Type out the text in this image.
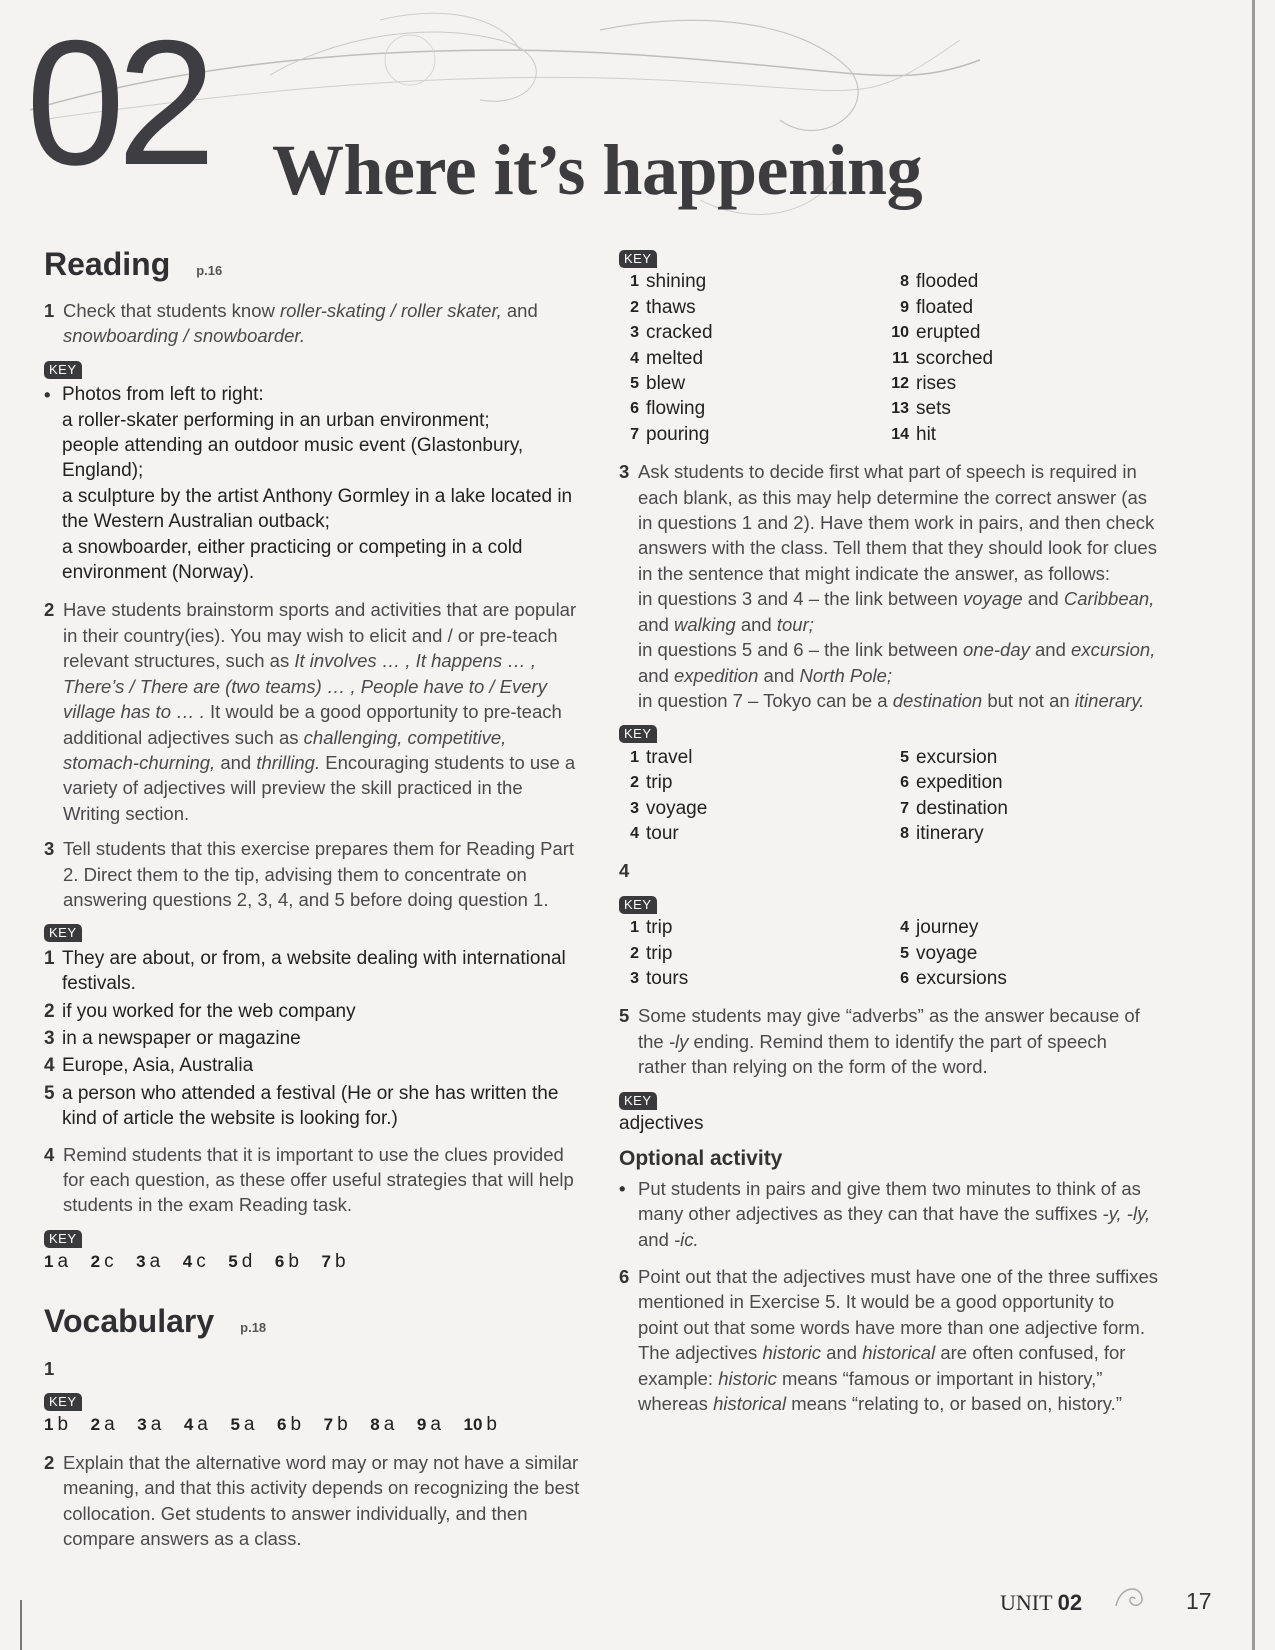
02 Where it’s happening
Reading p.16
1 Check that students know roller-skating / roller skater, and snowboarding / snowboarder.
KEY
• Photos from left to right:
a roller-skater performing in an urban environment;
people attending an outdoor music event (Glastonbury, England);
a sculpture by the artist Anthony Gormley in a lake located in the Western Australian outback;
a snowboarder, either practicing or competing in a cold environment (Norway).
2 Have students brainstorm sports and activities that are popular in their country(ies). You may wish to elicit and / or pre-teach relevant structures, such as It involves … , It happens … , There’s / There are (two teams) … , People have to / Every village has to … . It would be a good opportunity to pre-teach additional adjectives such as challenging, competitive, stomach-churning, and thrilling. Encouraging students to use a variety of adjectives will preview the skill practiced in the Writing section.
3 Tell students that this exercise prepares them for Reading Part 2. Direct them to the tip, advising them to concentrate on answering questions 2, 3, 4, and 5 before doing question 1.
KEY
1 They are about, or from, a website dealing with international festivals.
2 if you worked for the web company
3 in a newspaper or magazine
4 Europe, Asia, Australia
5 a person who attended a festival (He or she has written the kind of article the website is looking for.)
4 Remind students that it is important to use the clues provided for each question, as these offer useful strategies that will help students in the exam Reading task.
KEY
1 a 2 c 3 a 4 c 5 d 6 b 7 b
Vocabulary p.18
1
KEY
1 b 2 a 3 a 4 a 5 a 6 b 7 b 8 a 9 a 10 b
2 Explain that the alternative word may or may not have a similar meaning, and that this activity depends on recognizing the best collocation. Get students to answer individually, and then compare answers as a class.
KEY
1 shining
2 thaws
3 cracked
4 melted
5 blew
6 flowing
7 pouring
8 flooded
9 floated
10 erupted
11 scorched
12 rises
13 sets
14 hit
3 Ask students to decide first what part of speech is required in each blank, as this may help determine the correct answer (as in questions 1 and 2). Have them work in pairs, and then check answers with the class. Tell them that they should look for clues in the sentence that might indicate the answer, as follows:
in questions 3 and 4 – the link between voyage and Caribbean, and walking and tour;
in questions 5 and 6 – the link between one-day and excursion, and expedition and North Pole;
in question 7 – Tokyo can be a destination but not an itinerary.
KEY
1 travel
2 trip
3 voyage
4 tour
5 excursion
6 expedition
7 destination
8 itinerary
4
KEY
1 trip
2 trip
3 tours
4 journey
5 voyage
6 excursions
5 Some students may give “adverbs” as the answer because of the -ly ending. Remind them to identify the part of speech rather than relying on the form of the word.
KEY
adjectives
Optional activity
• Put students in pairs and give them two minutes to think of as many other adjectives as they can that have the suffixes -y, -ly, and -ic.
6 Point out that the adjectives must have one of the three suffixes mentioned in Exercise 5. It would be a good opportunity to point out that some words have more than one adjective form. The adjectives historic and historical are often confused, for example: historic means “famous or important in history,” whereas historical means “relating to, or based on, history.”
UNIT 02	17
